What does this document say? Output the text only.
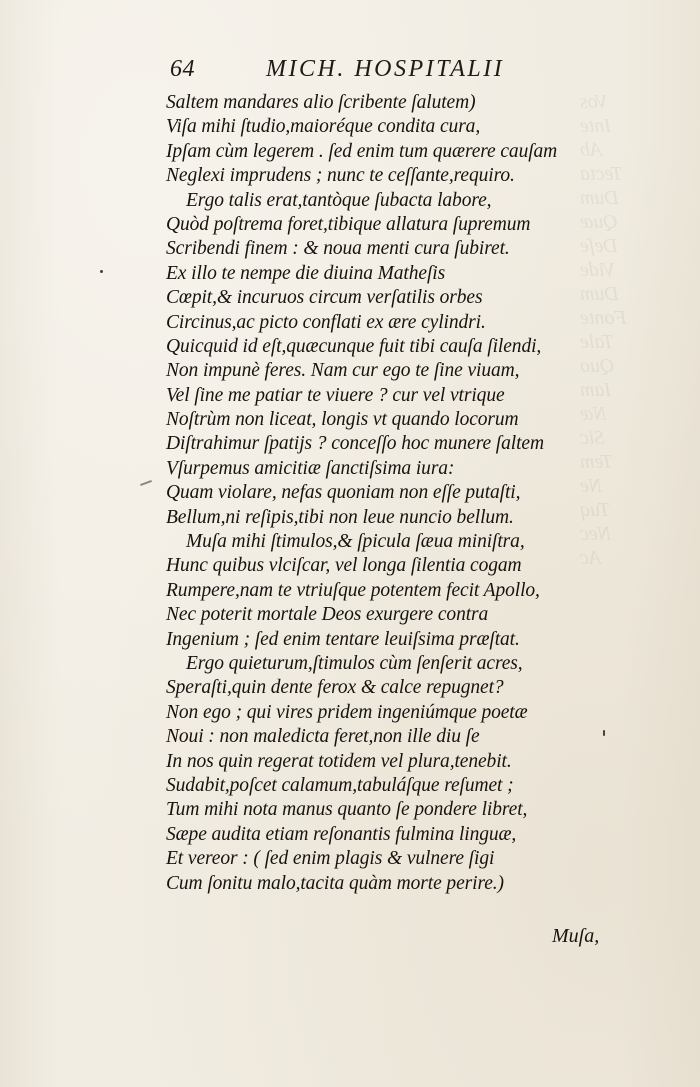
Vos
Inte
Ab
Tecta
Dum
Quæ
Deſe
Vide
Dum
Fonte
Tale
Quo
Iam
Næ
Sic
Tem
Ne
Tuq
Nec
Ac
64	MICH. HOSPITALII
Saltem mandares alio ſcribente ſalutem)
Viſa mihi ſtudio,maioréque condita cura,
Ipſam cùm legerem . ſed enim tum quærere cauſam
Neglexi imprudens ; nunc te ceſſante,requiro.
Ergo talis erat,tantòque ſubacta labore,
Quòd poſtrema foret,tibique allatura ſupremum
Scribendi finem : & noua menti cura ſubiret.
Ex illo te nempe die diuina Matheſis
Cœpit,& incuruos circum verſatilis orbes
Circinus,ac picto conflati ex ære cylindri.
Quicquid id eſt,quæcunque fuit tibi cauſa ſilendi,
Non impunè feres. Nam cur ego te ſine viuam,
Vel ſine me patiar te viuere ? cur vel vtrique
Noſtrùm non liceat, longis vt quando locorum
Diſtrahimur ſpatijs ? conceſſo hoc munere ſaltem
Vſurpemus amicitiæ ſanctiſsima iura:
Quam violare, nefas quoniam non eſſe putaſti,
Bellum,ni reſipis,tibi non leue nuncio bellum.
Muſa mihi ſtimulos,& ſpicula ſæua miniſtra,
Hunc quibus vlciſcar, vel longa ſilentia cogam
Rumpere,nam te vtriuſque potentem fecit Apollo,
Nec poterit mortale Deos exurgere contra
Ingenium ; ſed enim tentare leuiſsima præſtat.
Ergo quieturum,ſtimulos cùm ſenſerit acres,
Speraſti,quin dente ferox & calce repugnet?
Non ego ; qui vires pridem ingeniúmque poetæ
Noui : non maledicta feret,non ille diu ſe
In nos quin regerat totidem vel plura,tenebit.
Sudabit,poſcet calamum,tabuláſque reſumet ;
Tum mihi nota manus quanto ſe pondere libret,
Sæpe audita etiam reſonantis fulmina linguæ,
Et vereor : ( ſed enim plagis & vulnere ſigi
Cum ſonitu malo,tacita quàm morte perire.)
Muſa,
